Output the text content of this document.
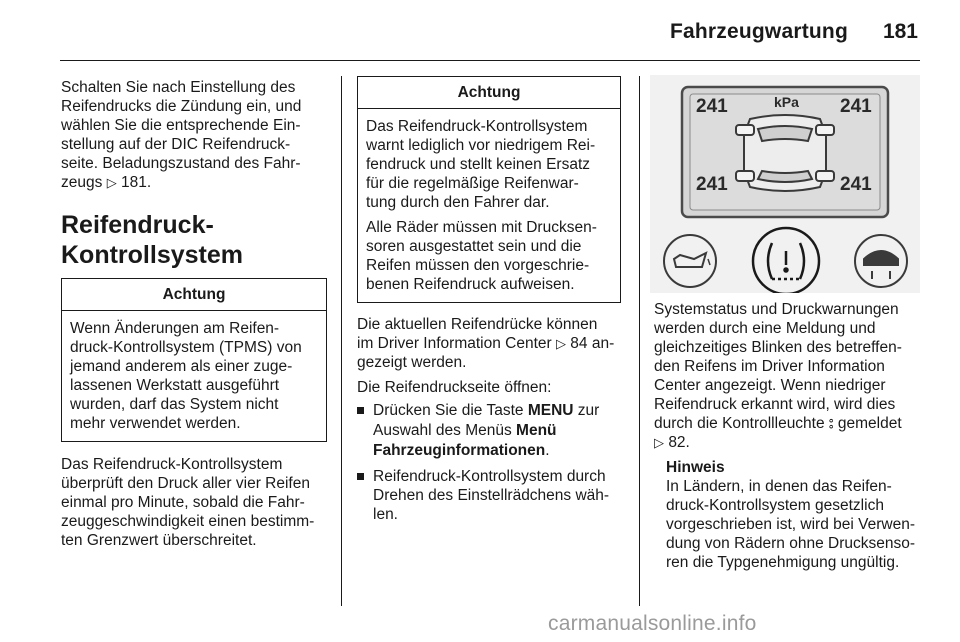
Fahrzeugwartung 181

Schalten Sie nach Einstellung des
Reifendrucks die Zündung ein, und
wählen Sie die entsprechende Ein-
stellung auf der DIC Reifendruck-
seite. Beladungszustand des Fahr-
zeugs ▷ 181.

Reifendruck-
Kontrollsystem
Achtung

Wenn Änderungen am Reifen-
druck-Kontrollsystem (TPMS) von
jemand anderem als einer zuge-
lassenen Werkstatt ausgeführt
wurden, darf das System nicht
mehr verwendet werden.

Das Reifendruck-Kontrollsystem
überprüft den Druck aller vier Reifen
einmal pro Minute, sobald die Fahr-
zeuggeschwindigkeit einen bestimm-
ten Grenzwert überschreitet.

Achtung

Das Reifendruck-Kontrollsystem
warnt lediglich vor niedrigem Rei-
fendruck und stellt keinen Ersatz
für die regelmäßige Reifenwar-
tung durch den Fahrer dar.

Alle Räder müssen mit Drucksen-
soren ausgestattet sein und die
Reifen müssen den vorgeschrie-
benen Reifendruck aufweisen.

Die aktuellen Reifendrücke können
im Driver Information Center ▷ 84 an-
gezeigt werden.

Die Reifendruckseite öffnen:

Drücken Sie die Taste MENU zur
Auswahl des Menüs Menü
Fahrzeuginformationen.

Reifendruck-Kontrollsystem durch
Drehen des Einstellrädchens wäh-
len.

241	kPa 241
241	241

Systemstatus und Druckwarnungen
werden durch eine Meldung und
gleichzeitiges Blinken des betreffen-
den Reifens im Driver Information
Center angezeigt. Wenn niedriger
Reifendruck erkannt wird, wird dies
durch die Kontrollleuchte ⦂ gemeldet
▷ 82.

Hinweis

In Ländern, in denen das Reifen-
druck-Kontrollsystem gesetzlich
vorgeschrieben ist, wird bei Verwen-
dung von Rädern ohne Drucksenso-
ren die Typgenehmigung ungültig.

carmanualsonline.info
